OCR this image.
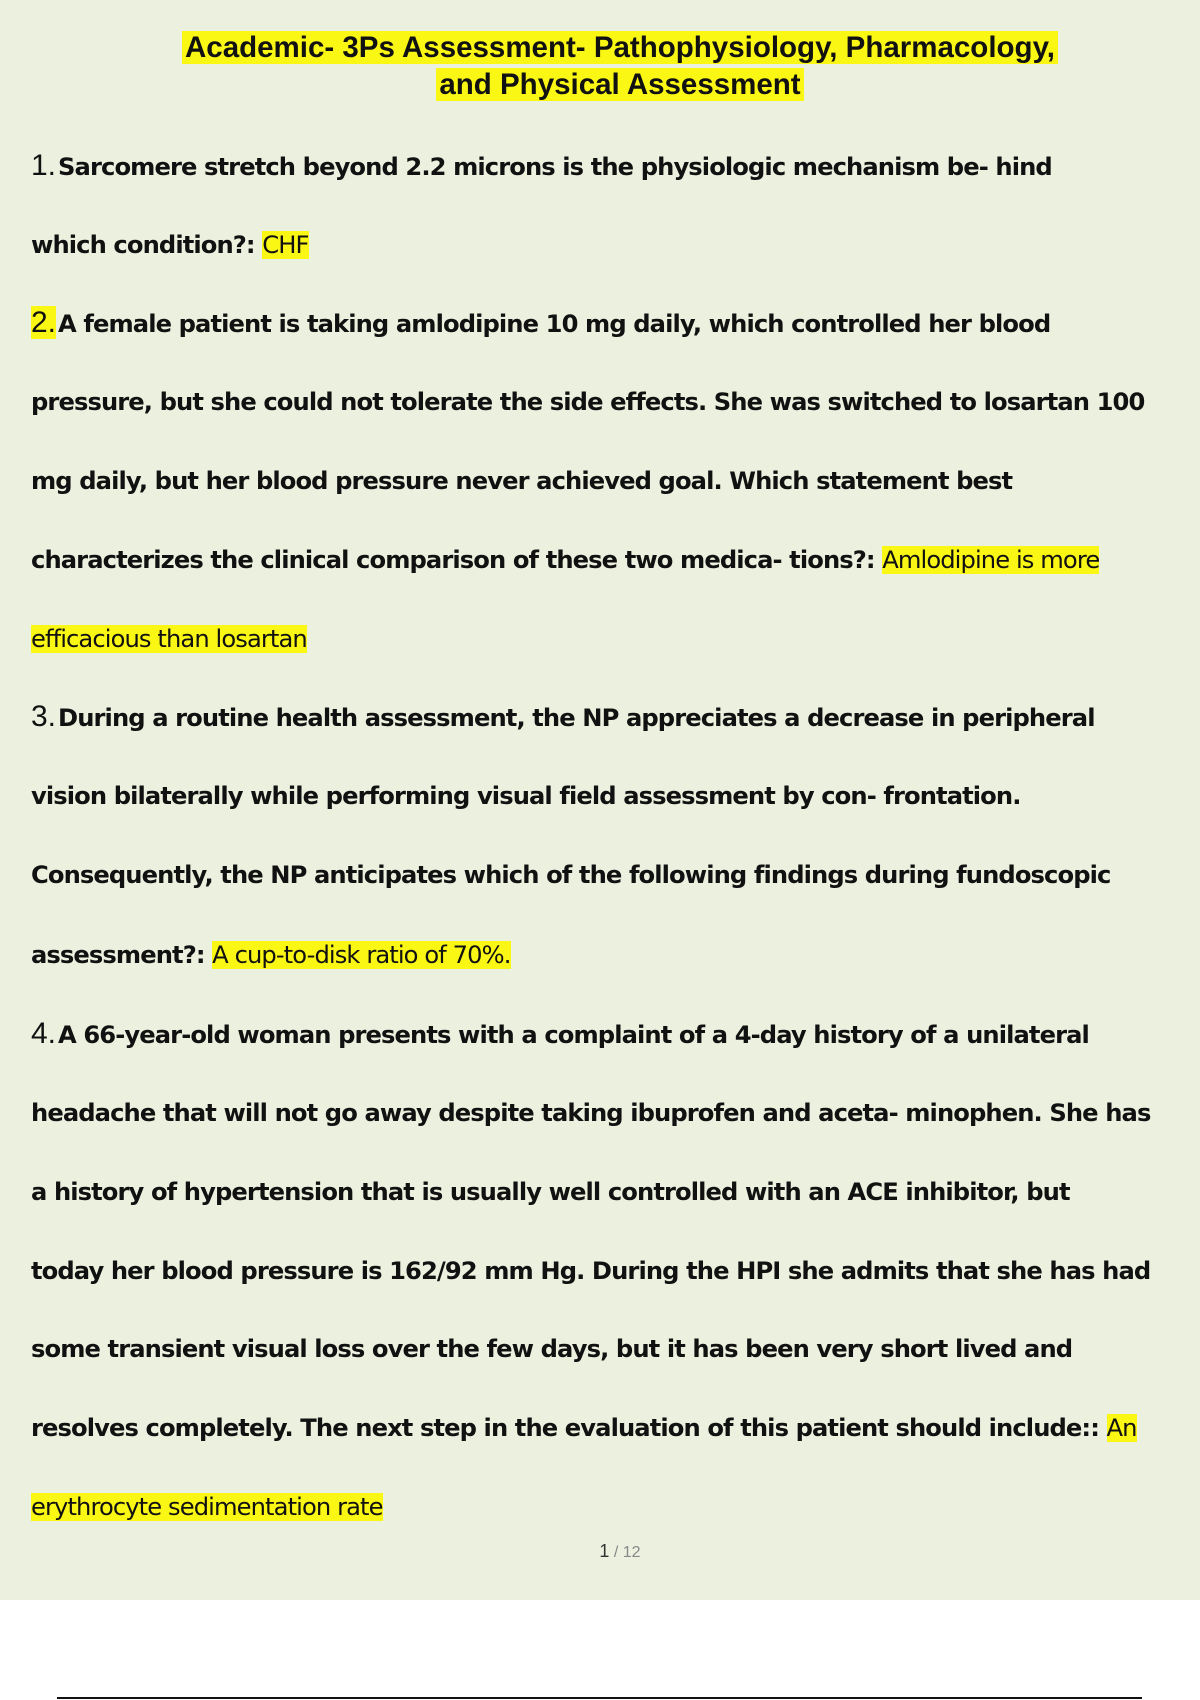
Academic- 3Ps Assessment- Pathophysiology, Pharmacology,
and Physical Assessment

1.Sarcomere stretch beyond 2.2 microns is the physiologic mechanism be- hind

which condition?: CHF

2.A female patient is taking amlodipine 10 mg daily, which controlled her blood

pressure, but she could not tolerate the side effects. She was switched to losartan 100

mg daily, but her blood pressure never achieved goal. Which statement best

characterizes the clinical comparison of these two medica- tions?: Amlodipine is more

efficacious than losartan

3.During a routine health assessment, the NP appreciates a decrease in peripheral

vision bilaterally while performing visual field assessment by con- frontation.

Consequently, the NP anticipates which of the following findings during fundoscopic

assessment?: A cup-to-disk ratio of 70%.

4.A 66-year-old woman presents with a complaint of a 4-day history of a unilateral

headache that will not go away despite taking ibuprofen and aceta- minophen. She has

a history of hypertension that is usually well controlled with an ACE inhibitor, but

today her blood pressure is 162/92 mm Hg. During the HPI she admits that she has had

some transient visual loss over the few days, but it has been very short lived and

resolves completely. The next step in the evaluation of this patient should include:: An

erythrocyte sedimentation rate

1 / 12
